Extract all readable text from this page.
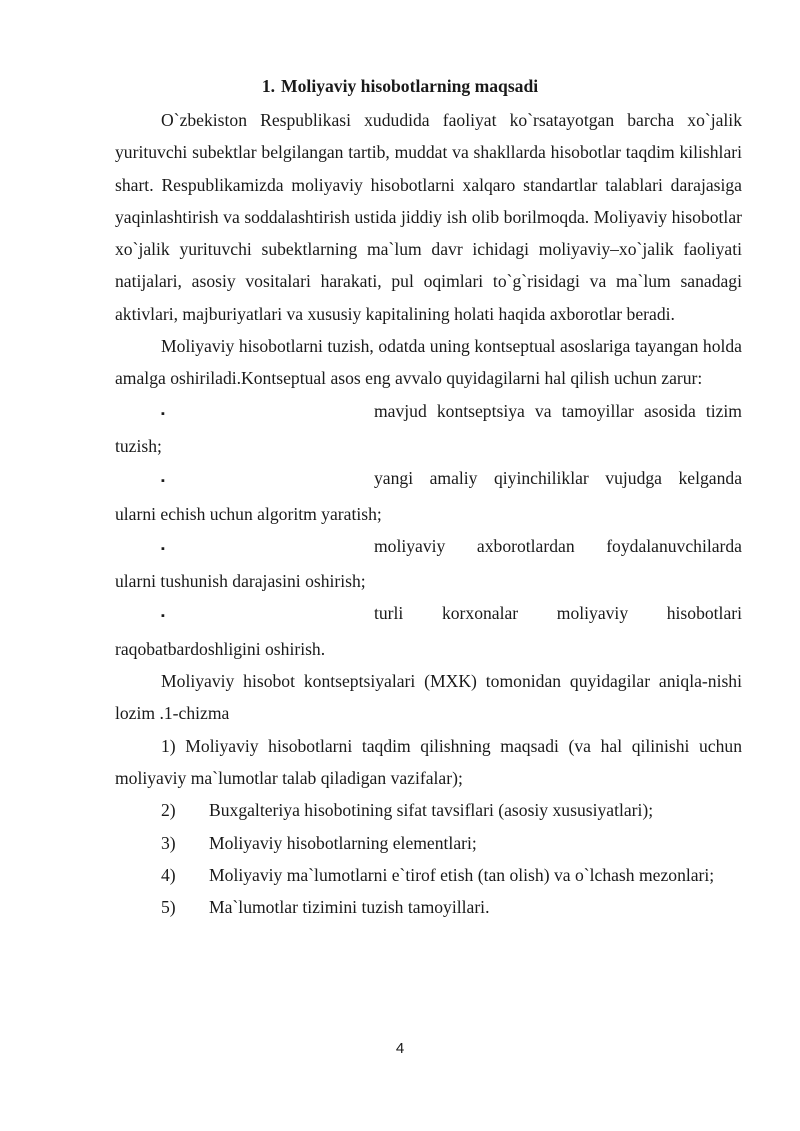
1. Moliyaviy hisobotlarning maqsadi

O`zbekiston Respublikasi xududida faoliyat ko`rsatayotgan barcha xo`jalik yurituvchi subektlar belgilangan tartib, muddat va shakllarda hisobotlar taqdim kilishlari shart. Respublikamizda moliyaviy hisobotlarni xalqaro standartlar talablari darajasiga yaqinlashtirish va soddalashtirish ustida jiddiy ish olib borilmoqda. Moliyaviy hisobotlar xo`jalik yurituvchi subektlarning ma`lum davr ichidagi moliyaviy–xo`jalik faoliyati natijalari, asosiy vositalari harakati, pul oqimlari to`g`risidagi va ma`lum sanadagi aktivlari, majburiyatlari va xususiy kapitalining holati haqida axborotlar beradi.

Moliyaviy hisobotlarni tuzish, odatda uning kontseptual asoslariga tayangan holda amalga oshiriladi.Kontseptual asos eng avvalo quyidagilarni hal qilish uchun zarur:

▪	mavjud kontseptsiya va tamoyillar asosida tizim

tuzish;

▪	yangi amaliy qiyinchiliklar vujudga kelganda

ularni echish uchun algoritm yaratish;

▪	moliyaviy axborotlardan foydalanuvchilarda

ularni tushunish darajasini oshirish;

▪	turli korxonalar moliyaviy hisobotlari

raqobatbardoshligini oshirish.

Moliyaviy hisobot kontseptsiyalari (MXK) tomonidan quyidagilar aniqla-nishi lozim .1-chizma

1) Moliyaviy hisobotlarni taqdim qilishning maqsadi (va hal qilinishi uchun moliyaviy ma`lumotlar talab qiladigan vazifalar);

2)	Buxgalteriya hisobotining sifat tavsiflari (asosiy xususiyatlari);

3)	Moliyaviy hisobotlarning elementlari;

4)	Moliyaviy ma`lumotlarni e`tirof etish (tan olish) va o`lchash mezonlari;

5)	Ma`lumotlar tizimini tuzish tamoyillari.

4
